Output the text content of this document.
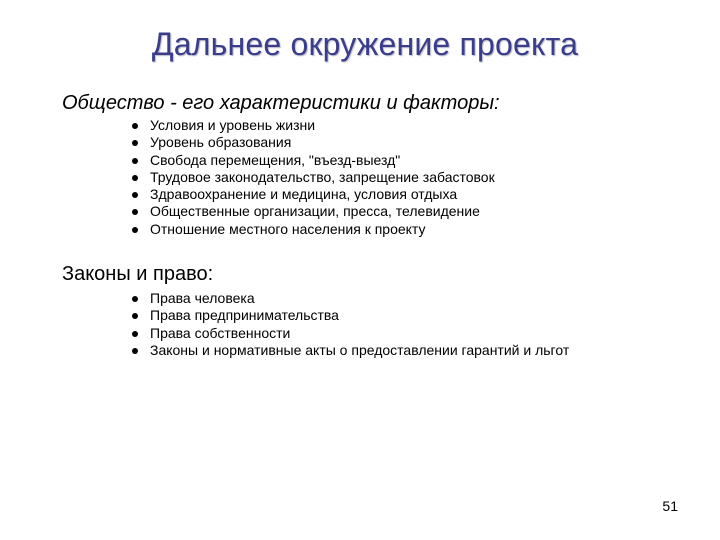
Дальнее окружение проекта
Общество - его характеристики и факторы:
Условия и уровень жизни
Уровень образования
Свобода перемещения, "въезд-выезд"
Трудовое законодательство, запрещение забастовок
Здравоохранение и медицина, условия отдыха
Общественные организации, пресса, телевидение
Отношение местного населения к проекту
Законы и право:
Права человека
Права предпринимательства
Права собственности
Законы и нормативные акты о предоставлении гарантий и льгот
51
